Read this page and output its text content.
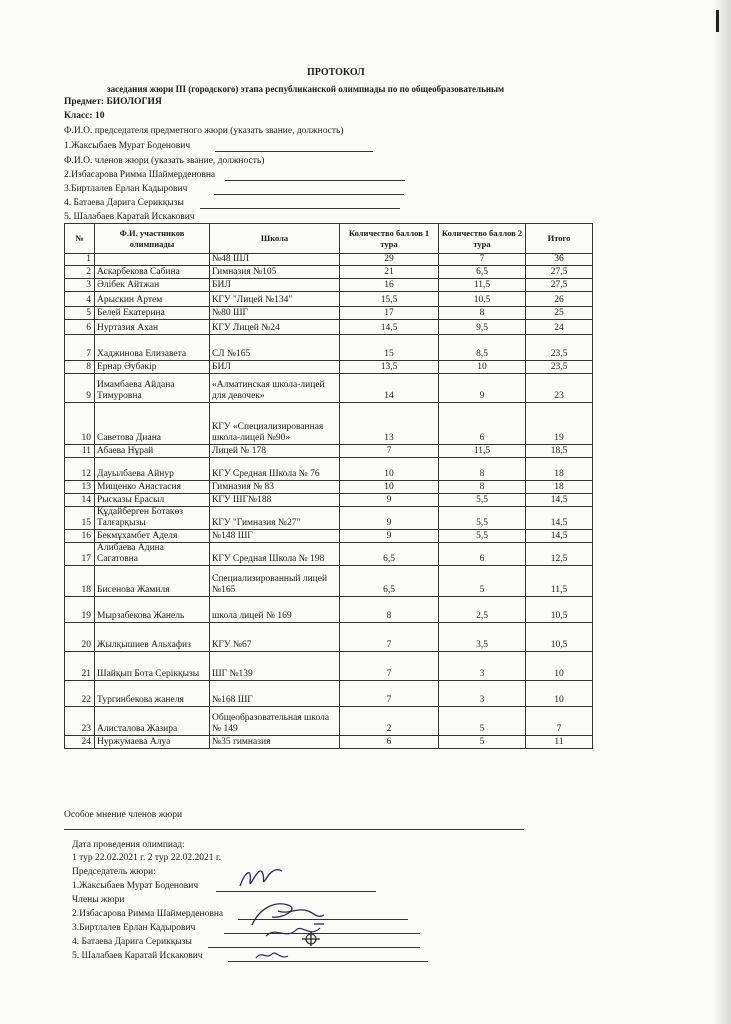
ПРОТОКОЛ
заседания жюри III (городского) этапа республиканской олимпиады по по общеобразовательным
Предмет: БИОЛОГИЯ
Класс: 10
Ф.И.О. председателя предметного жюри (указать звание, должность)
1.Жаксыбаев Мурат Боденович
Ф.И.О. членов жюри (указать звание, должность)
2.Избасарова Римма Шаймерденовна
3.Биртлалев Ерлан Кадырович
4. Батаева Дарига Серикқызы
5. Шалабаев Каратай Искакович
№	Ф.И. участников олимпиады	Школа	Количество баллов 1 тура	Количество баллов 2 тура	Итого
1		№48 ШЛ	29	7	36
2	Аскарбекова Сабина	Гимназия №105	21	6,5	27,5
3	Әлібек Айтжан	БИЛ	16	11,5	27,5
4	Арыскин Артем	КГУ "Лицей №134"	15,5	10,5	26
5	Белей Екатерина	№80 ШГ	17	8	25
6	Нуртазия Ахан	КГУ Лицей №24	14,5	9,5	24
7	Хаджинова Елизавета	СЛ №165	15	8,5	23,5
8	Ернар Әубәкір	БИЛ	13,5	10	23,5
9	Имамбаева Айдана Тимуровна	«Алматинская школа-лицей для девочек»	14	9	23
10	Саветова Диана	КГУ «Специализированная школа-лицей №90»	13	6	19
11	Абаева Нұрай	Лицей № 178	7	11,5	18,5
12	Дауылбаева Айнур	КГУ Средная Школа № 76	10	8	18
13	Мищенко Анастасия	Гимназия № 83	10	8	18
14	Рысказы Ерасыл	КГУ ШГ№188	9	5,5	14,5
15	Құдайберген Ботакөз Талғарқызы	КГУ "Гимназия №27"	9	5,5	14,5
16	Бекмұхамбет Аделя	№148 ШГ	9	5,5	14,5
17	Алибаева Адина Сагатовна	КГУ Средная Школа № 198	6,5	6	12,5
18	Бисенова Жамиля	Специализированный лицей №165	6,5	5	11,5
19	Мырзабекова Жанель	школа лицей № 169	8	2,5	10,5
20	Жылқышиев Альхафиз	КГУ №67	7	3,5	10,5
21	Шайқып Бота Серікқызы	ШГ №139	7	3	10
22	Тургинбекова жанеля	№168 ШГ	7	3	10
23	Алисталова Жазира	Общеобразовательная школа № 149	2	5	7
24	Нуржумаева Алуа	№35 гимназия	6	5	11
Особое мнение членов жюри
Дата проведения олимпиад:
1 тур 22.02.2021 г. 2 тур 22.02.2021 г.
Председатель жюри:
1.Жаксыбаев Мурат Боденович
Члены жюри
2.Избасарова Римма Шаймерденовна
3.Биртлалев Ерлан Кадырович
4. Батаева Дарига Серикқызы
5. Шалабаев Каратай Искакович
